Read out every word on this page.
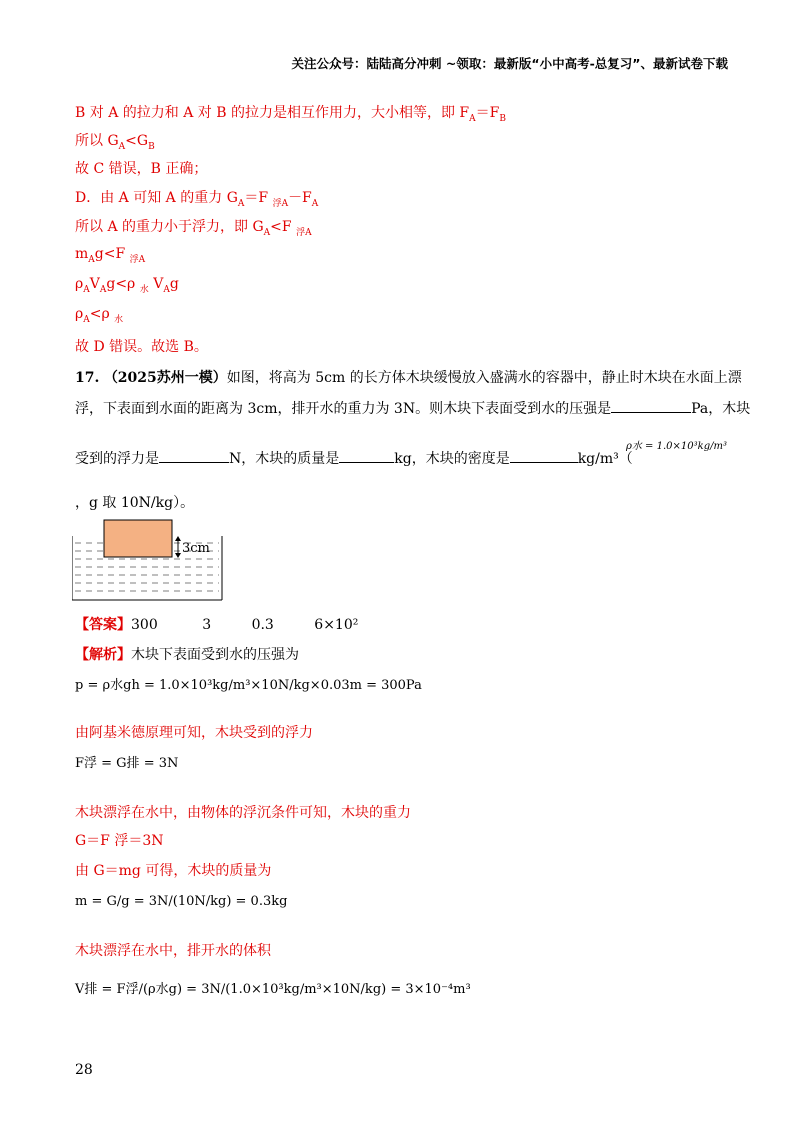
关注公众号：陆陆高分冲刺 ~领取：最新版“小中高考-总复习”、最新试卷下载
B 对 A 的拉力和 A 对 B 的拉力是相互作用力，大小相等，即 $F_A=F_B$
所以 $G_A<G_B$
故 C 错误，B 正确；
D．由 A 可知 A 的重力 $G_A=F$ $_{浮A}-F_A$
所以 A 的重力小于浮力，即 $G_A<F$ $_{浮A}$
$m_Ag<F$ $_{浮A}$
$\rho_AV_Ag<\rho$ $_水$ $V_Ag$
$\rho_A<\rho$ $_水$
故 D 错误。故选 B。
17. （2025苏州一模）如图，将高为 5cm 的长方体木块缓慢放入盛满水的容器中，静止时木块在水面上漂
浮，下表面到水面的距离为 3cm，排开水的重力为 3N。则木块下表面受到水的压强是	Pa，木块
受到的浮力是	N，木块的质量是	kg，木块的密度是	kg/m³（
ρ水 = 1.0×10³kg/m³
，g 取 10N/kg）。
3cm
【答案】300	3	0.3	6×10²
【解析】木块下表面受到水的压强为
p = ρ水gh = 1.0×10³kg/m³×10N/kg×0.03m = 300Pa
由阿基米德原理可知，木块受到的浮力
F浮 = G排 = 3N
木块漂浮在水中，由物体的浮沉条件可知，木块的重力
G＝F 浮＝3N
由 G＝mg 可得，木块的质量为
m = G/g = 3N/(10N/kg) = 0.3kg
木块漂浮在水中，排开水的体积
V排 = F浮/(ρ水g) = 3N/(1.0×10³kg/m³×10N/kg) = 3×10⁻⁴m³
28
